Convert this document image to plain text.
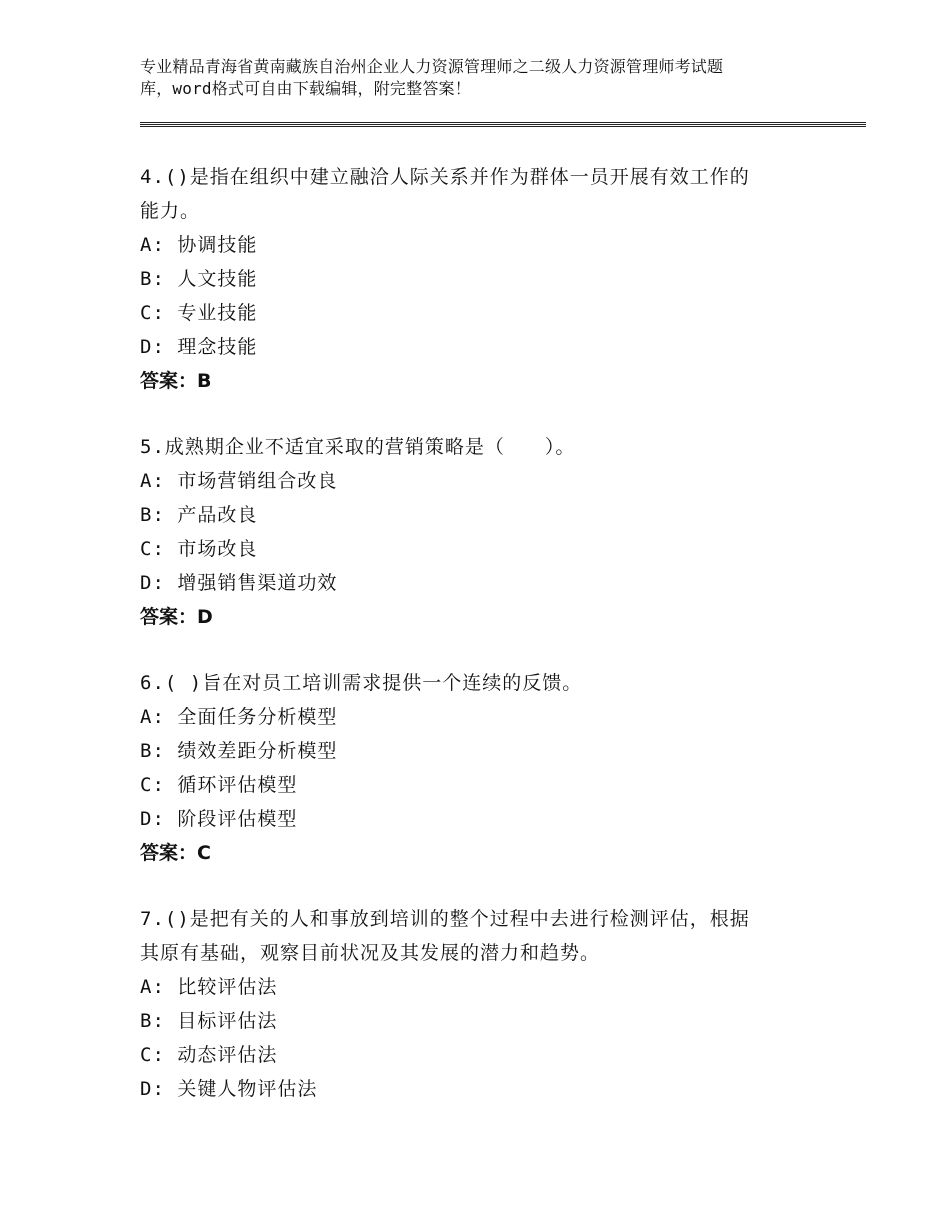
专业精品青海省黄南藏族自治州企业人力资源管理师之二级人力资源管理师考试题
库，word格式可自由下载编辑，附完整答案！
4.()是指在组织中建立融洽人际关系并作为群体一员开展有效工作的
能力。
A: 协调技能
B: 人文技能
C: 专业技能
D: 理念技能
答案：B
5.成熟期企业不适宜采取的营销策略是（　　）。
A: 市场营销组合改良
B: 产品改良
C: 市场改良
D: 增强销售渠道功效
答案：D
6.( )旨在对员工培训需求提供一个连续的反馈。
A: 全面任务分析模型
B: 绩效差距分析模型
C: 循环评估模型
D: 阶段评估模型
答案：C
7.()是把有关的人和事放到培训的整个过程中去进行检测评估，根据
其原有基础，观察目前状况及其发展的潜力和趋势。
A: 比较评估法
B: 目标评估法
C: 动态评估法
D: 关键人物评估法
